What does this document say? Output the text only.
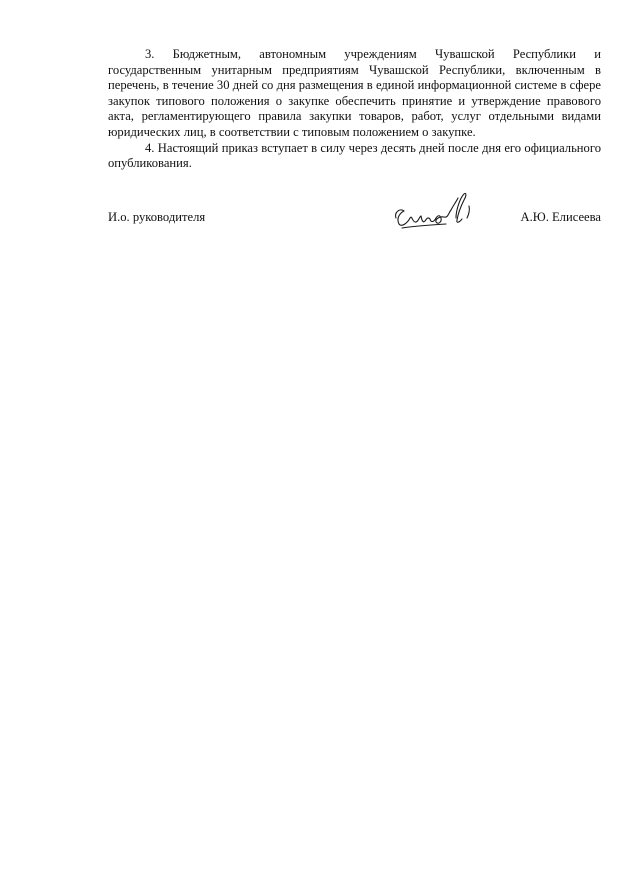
3. Бюджетным, автономным учреждениям Чувашской Республики и государственным унитарным предприятиям Чувашской Республики, включенным в перечень, в течение 30 дней со дня размещения в единой информационной системе в сфере закупок типового положения о закупке обеспечить принятие и утверждение правового акта, регламентирующего правила закупки товаров, работ, услуг отдельными видами юридических лиц, в соответствии с типовым положением о закупке.

4. Настоящий приказ вступает в силу через десять дней после дня его официального опубликования.

И.о. руководителя	А.Ю. Елисеева
